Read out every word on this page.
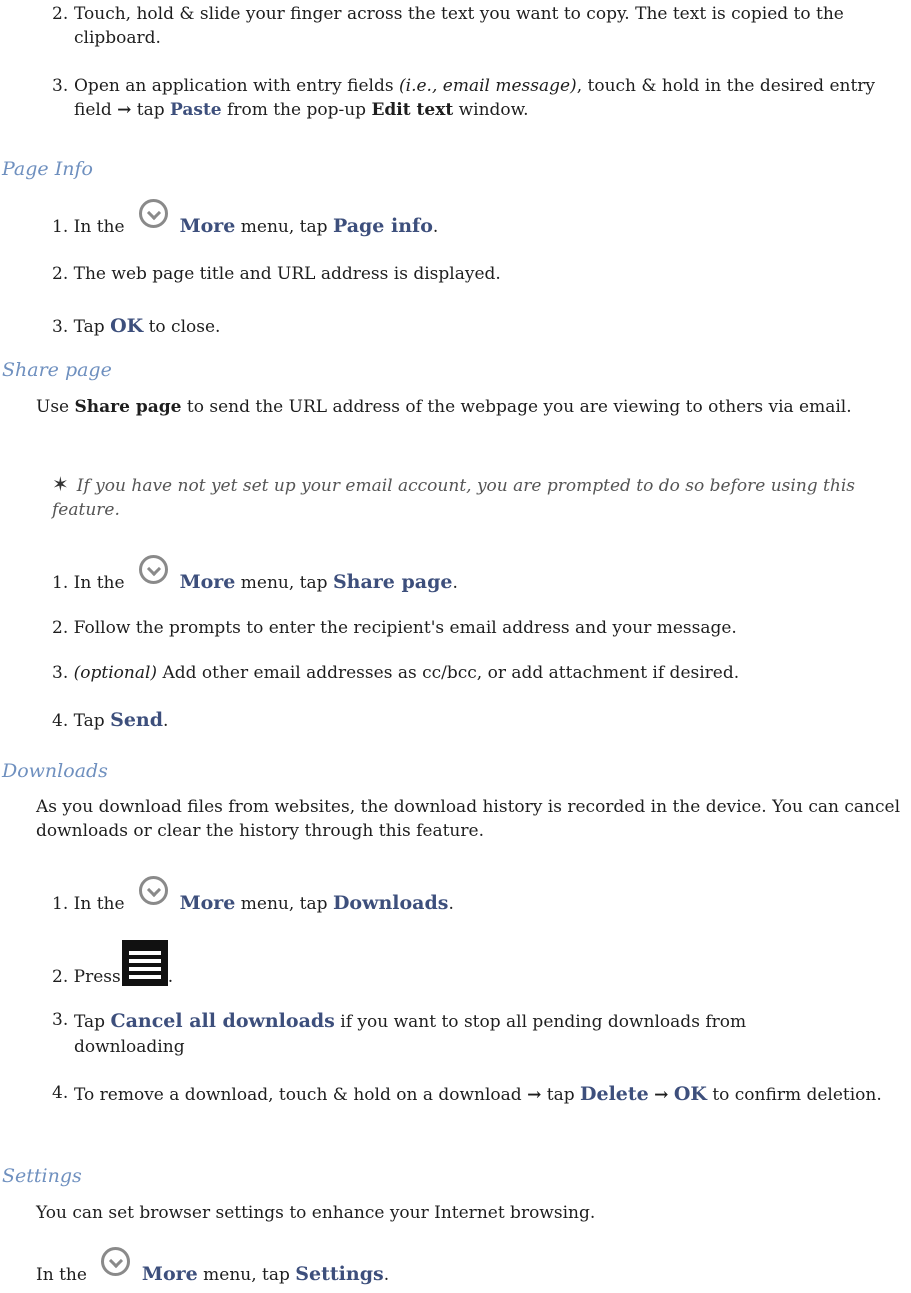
2. Touch, hold & slide your finger across the text you want to copy. The text is copied to the clipboard.
3. Open an application with entry fields (i.e., email message), touch & hold in the desired entry field → tap Paste from the pop-up Edit text window.
Page Info
1. In the	More menu, tap Page info.
2. The web page title and URL address is displayed.
3. Tap OK to close.
Share page
Use Share page to send the URL address of the webpage you are viewing to others via email.
✶ If you have not yet set up your email account, you are prompted to do so before using this feature.
1. In the	More menu, tap Share page.
2. Follow the prompts to enter the recipient's email address and your message.
3. (optional) Add other email addresses as cc/bcc, or add attachment if desired.
4. Tap Send.
Downloads
As you download files from websites, the download history is recorded in the device. You can cancel downloads or clear the history through this feature.
1. In the	More menu, tap Downloads.
2. Press	.
3. Tap Cancel all downloads if you want to stop all pending downloads from downloading
4. To remove a download, touch & hold on a download → tap Delete → OK to confirm deletion.
Settings
You can set browser settings to enhance your Internet browsing.
In the	More menu, tap Settings.
